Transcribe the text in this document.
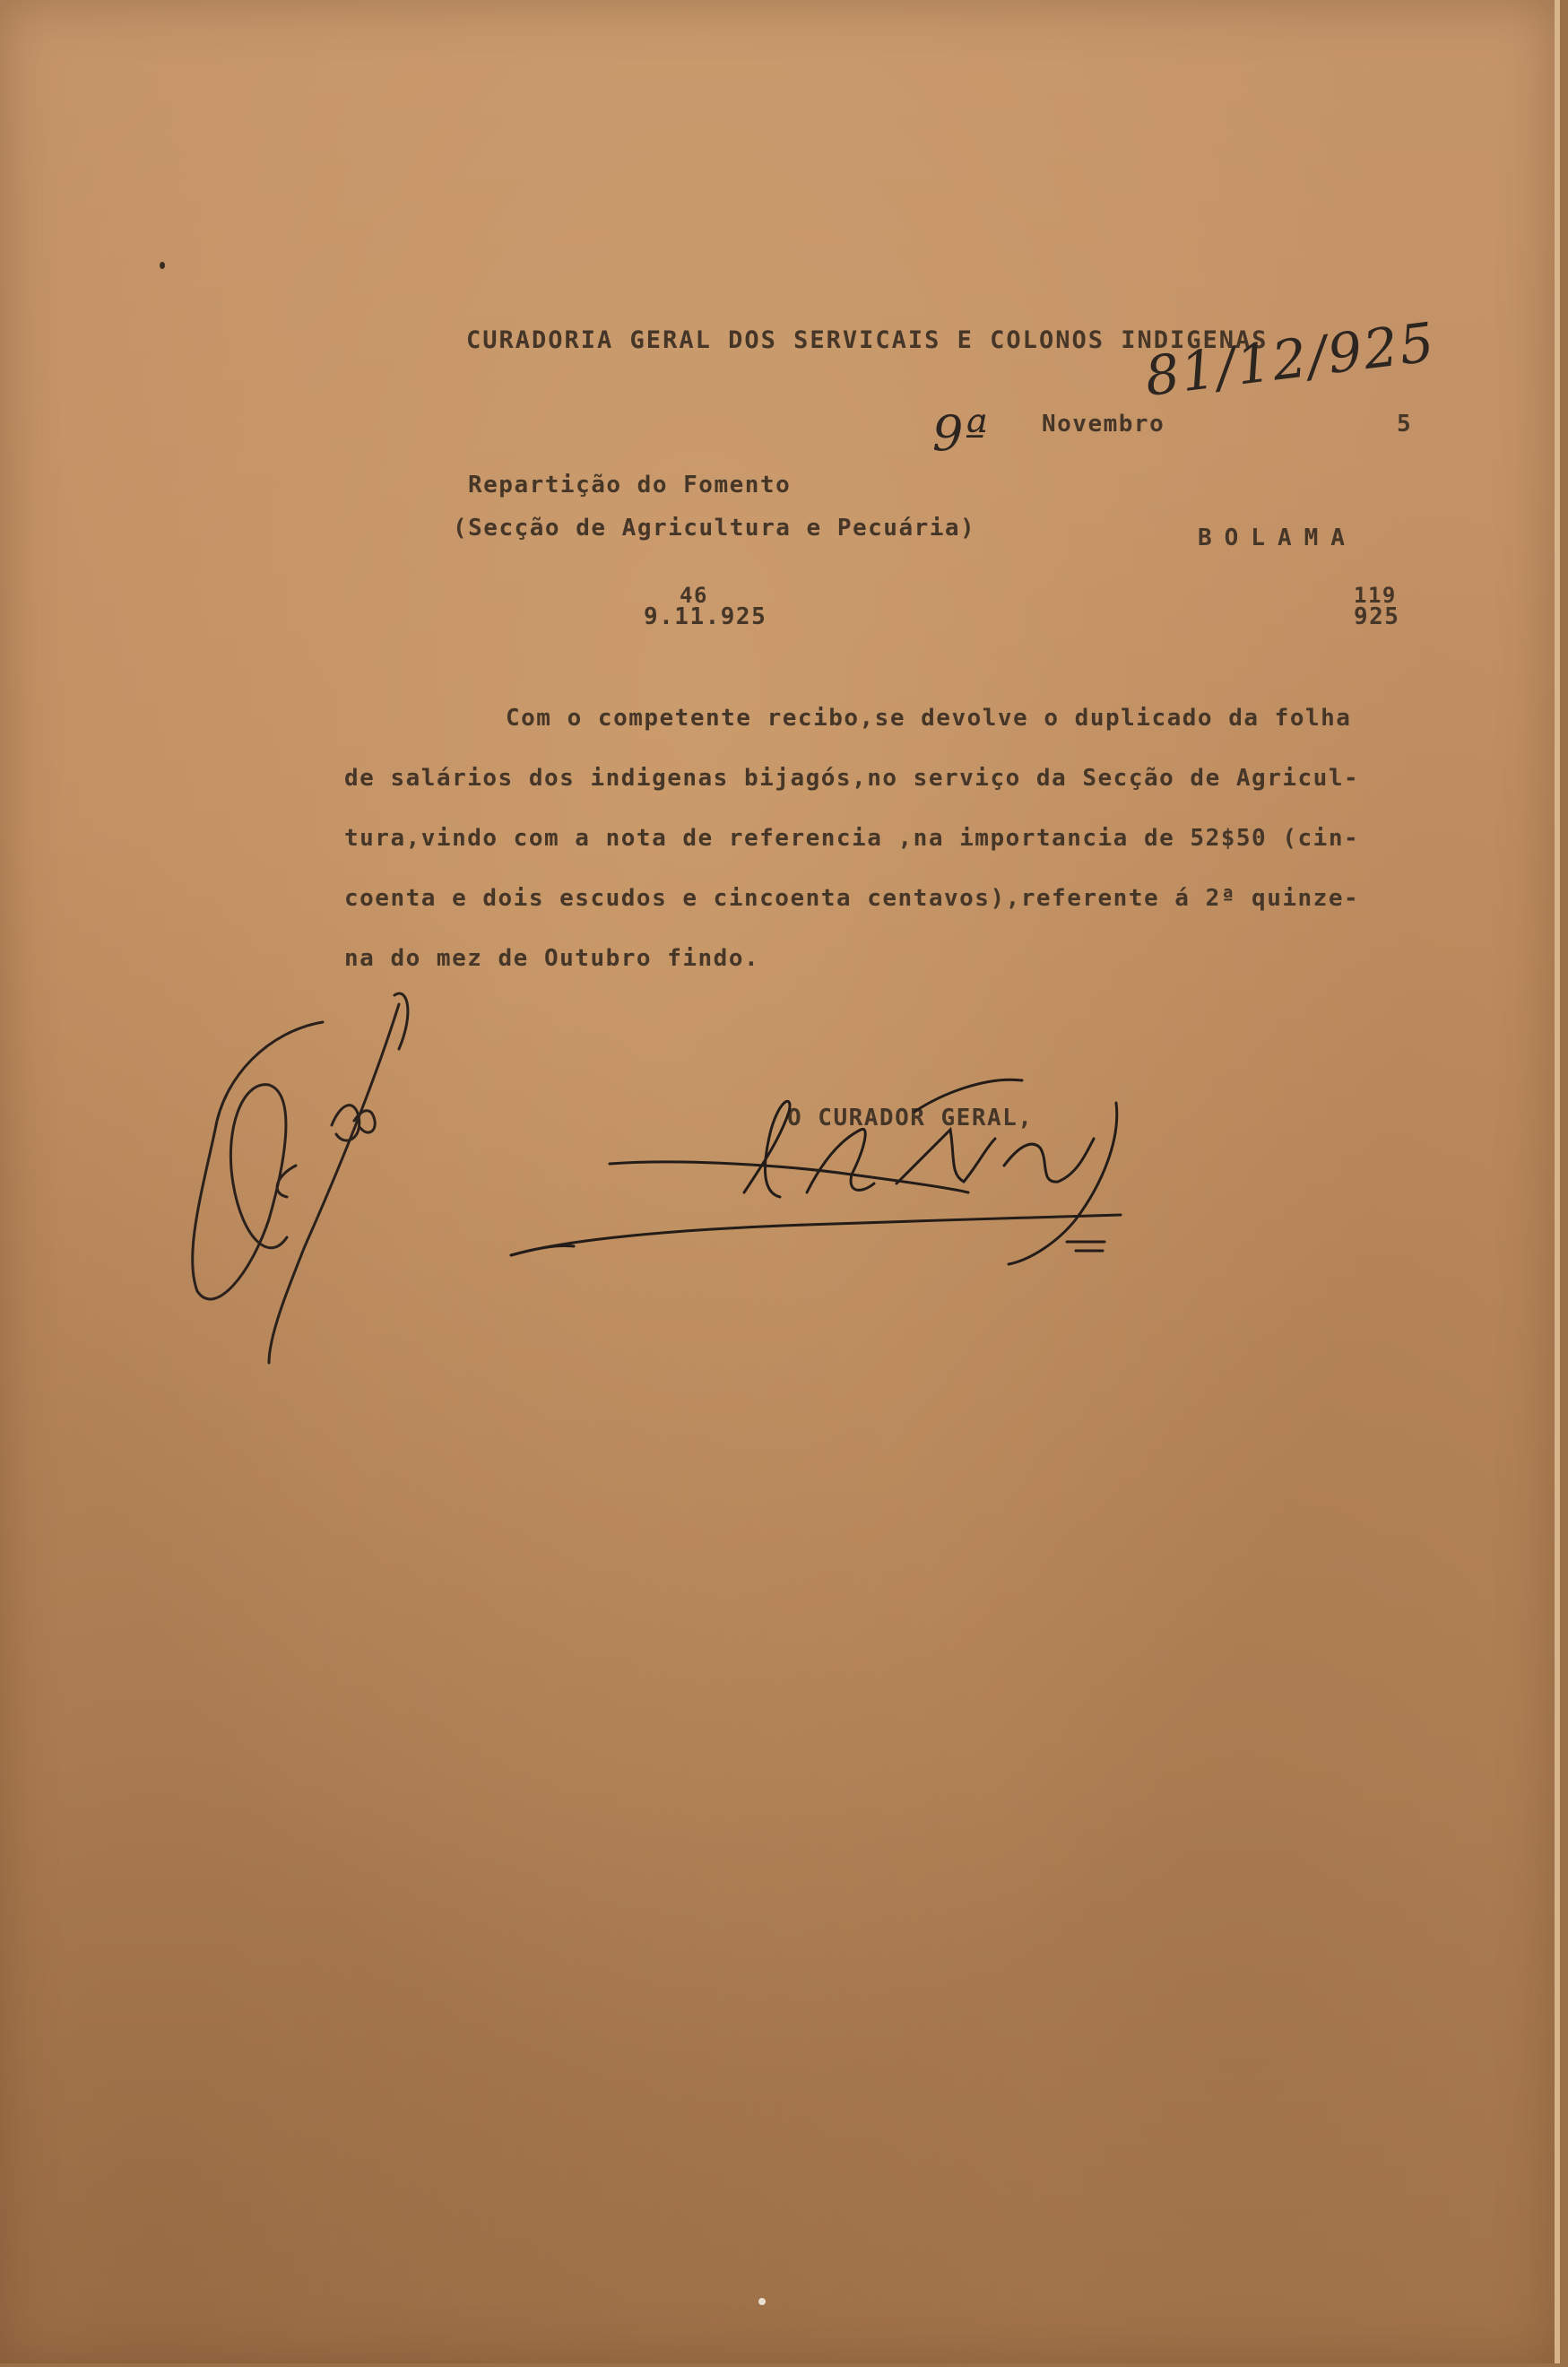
CURADORIA GERAL DOS SERVICAIS E COLONOS INDIGENAS
81/12/925
9ª Novembro	5
Repartição do Fomento
(Secção de Agricultura e Pecuária)	BOLAMA
46
9.11.925
119
925
Com o competente recibo,se devolve o duplicado da folha
de salários dos indigenas bijagós,no serviço da Secção de Agricul-
tura,vindo com a nota de referencia ,na importancia de 52$50 (cin-
coenta e dois escudos e cincoenta centavos),referente á 2ª quinze-
na do mez de Outubro findo.
O CURADOR GERAL,
